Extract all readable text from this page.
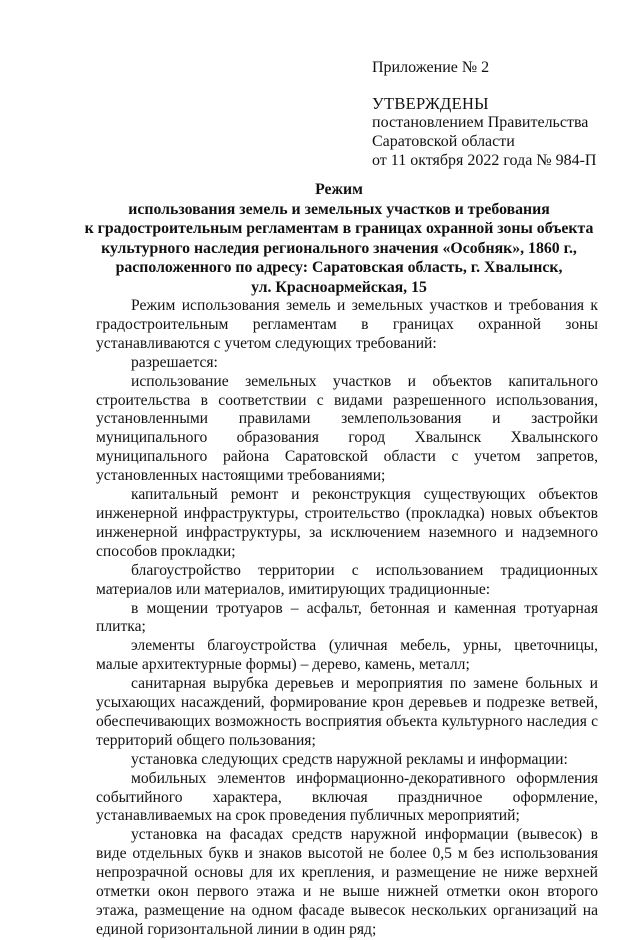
Приложение № 2
УТВЕРЖДЕНЫ
постановлением Правительства
Саратовской области
от 11 октября 2022 года № 984-П
Режим
использования земель и земельных участков и требования
к градостроительным регламентам в границах охранной зоны объекта
культурного наследия регионального значения «Особняк», 1860 г.,
расположенного по адресу: Саратовская область, г. Хвалынск,
ул. Красноармейская, 15

Режим использования земель и земельных участков и требования к градостроительным регламентам в границах охранной зоны устанавливаются с учетом следующих требований:

разрешается:

использование земельных участков и объектов капитального строительства в соответствии с видами разрешенного использования, установленными правилами землепользования и застройки муниципального образования город Хвалынск Хвалынского муниципального района Саратовской области с учетом запретов, установленных настоящими требованиями;

капитальный ремонт и реконструкция существующих объектов инженерной инфраструктуры, строительство (прокладка) новых объектов инженерной инфраструктуры, за исключением наземного и надземного способов прокладки;

благоустройство территории с использованием традиционных материалов или материалов, имитирующих традиционные:

в мощении тротуаров – асфальт, бетонная и каменная тротуарная плитка;

элементы благоустройства (уличная мебель, урны, цветочницы, малые архитектурные формы) – дерево, камень, металл;

санитарная вырубка деревьев и мероприятия по замене больных и усыхающих насаждений, формирование крон деревьев и подрезке ветвей, обеспечивающих возможность восприятия объекта культурного наследия с территорий общего пользования;

установка следующих средств наружной рекламы и информации:

мобильных элементов информационно-декоративного оформления событийного характера, включая праздничное оформление, устанавливаемых на срок проведения публичных мероприятий;

установка на фасадах средств наружной информации (вывесок) в виде отдельных букв и знаков высотой не более 0,5 м без использования непрозрачной основы для их крепления, и размещение не ниже верхней отметки окон первого этажа и не выше нижней отметки окон второго этажа, размещение на одном фасаде вывесок нескольких организаций на единой горизонтальной линии в один ряд;
